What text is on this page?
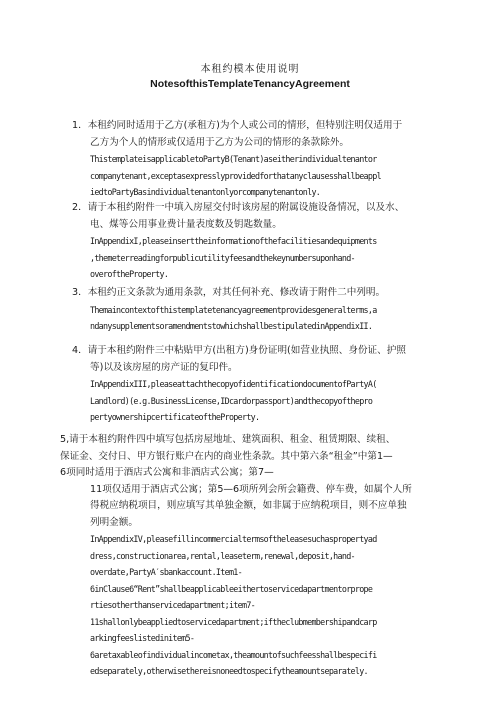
本租约模本使用说明
NotesofthisTemplateTenancyAgreement

1．本租约同时适用于乙方(承租方)为个人或公司的情形，但特别注明仅适用于

乙方为个人的情形或仅适用于乙方为公司的情形的条款除外。

ThistemplateisapplicabletoPartyB(Tenant)aseitherindividualtenantor

companytenant,exceptasexpresslyprovidedforthatanyclausesshallbeappl

iedtoPartyBasindividualtenantonlyorcompanytenantonly.

2．请于本租约附件一中填入房屋交付时该房屋的附属设施设备情况，以及水、

电、煤等公用事业费计量表度数及钥匙数量。

InAppendixI,pleaseinserttheinformationofthefacilitiesandequipments

,themeterreadingforpublicutilityfeesandthekeynumbersuponhand-

overoftheProperty.

3．本租约正文条款为通用条款，对其任何补充、修改请于附件二中列明。

Themaincontextofthistemplatetenancyagreementprovidesgeneralterms,a

ndanysupplementsoramendmentstowhichshallbestipulatedinAppendixII.

4．请于本租约附件三中粘贴甲方(出租方)身份证明(如营业执照、身份证、护照

等)以及该房屋的房产证的复印件。

InAppendixIII,pleaseattachthecopyofidentificationdocumentofPartyA(

Landlord)(e.g.BusinessLicense,IDcardorpassport)andthecopyofthepro

pertyownershipcertificateoftheProperty.

5,请于本租约附件四中填写包括房屋地址、建筑面积、租金、租赁期限、续租、

保证金、交付日、甲方银行账户在内的商业性条款。其中第六条“租金”中第1—

6项同时适用于酒店式公寓和非酒店式公寓；第7—

11项仅适用于酒店式公寓；第5—6项所列会所会籍费、停车费，如属个人所

得税应纳税项目，则应填写其单独金额，如非属于应纳税项目，则不应单独

列明金额。

InAppendixIV,pleasefillincommercialtermsoftheleasesuchaspropertyad

dress,constructionarea,rental,leaseterm,renewal,deposit,hand-

overdate,PartyA′sbankaccount.Item1-

6inClause6“Rent”shallbeapplicableeithertoservicedapartmentorprope

rtiesotherthanservicedapartment;item7-

11shallonlybeappliedtoservicedapartment;iftheclubmembershipandcarp

arkingfeeslistedinitem5-

6aretaxableofindividualincometax,theamountofsuchfeesshallbespecifi

edseparately,otherwisethereisnoneedtospecifytheamountseparately.
